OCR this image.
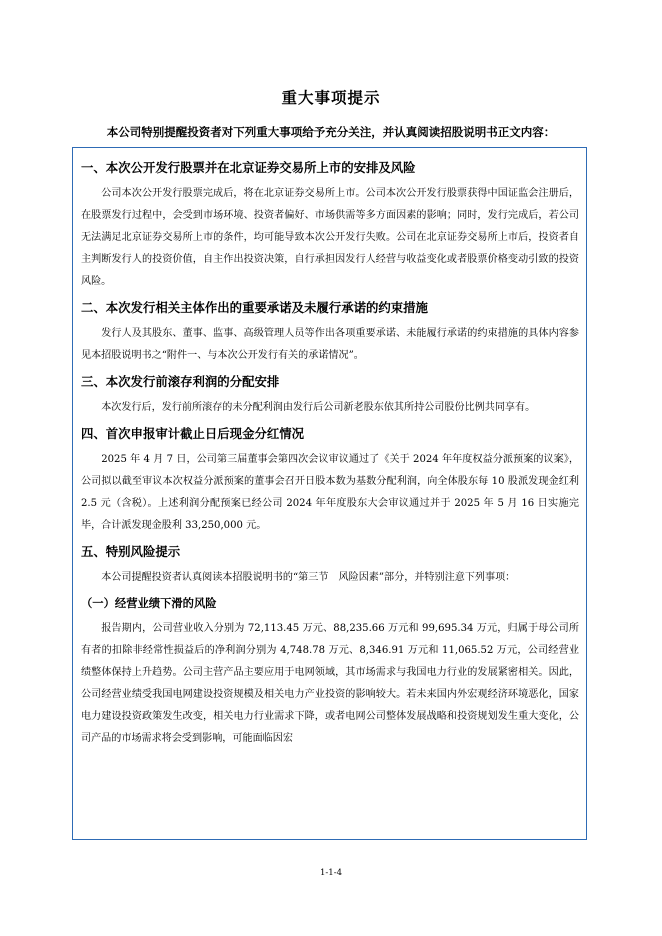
重大事项提示
本公司特别提醒投资者对下列重大事项给予充分关注，并认真阅读招股说明书正文内容：
一、本次公开发行股票并在北京证券交易所上市的安排及风险

公司本次公开发行股票完成后，将在北京证券交易所上市。公司本次公开发行股票获得中国证监会注册后，在股票发行过程中，会受到市场环境、投资者偏好、市场供需等多方面因素的影响；同时，发行完成后，若公司无法满足北京证券交易所上市的条件，均可能导致本次公开发行失败。公司在北京证券交易所上市后，投资者自主判断发行人的投资价值，自主作出投资决策，自行承担因发行人经营与收益变化或者股票价格变动引致的投资风险。

二、本次发行相关主体作出的重要承诺及未履行承诺的约束措施

发行人及其股东、董事、监事、高级管理人员等作出各项重要承诺、未能履行承诺的约束措施的具体内容参见本招股说明书之“附件一、与本次公开发行有关的承诺情况”。

三、本次发行前滚存利润的分配安排

本次发行后，发行前所滚存的未分配利润由发行后公司新老股东依其所持公司股份比例共同享有。

四、首次申报审计截止日后现金分红情况

2025 年 4 月 7 日，公司第三届董事会第四次会议审议通过了《关于 2024 年年度权益分派预案的议案》，公司拟以截至审议本次权益分派预案的董事会召开日股本数为基数分配利润，向全体股东每 10 股派发现金红利 2.5 元（含税）。上述利润分配预案已经公司 2024 年年度股东大会审议通过并于 2025 年 5 月 16 日实施完毕，合计派发现金股利 33,250,000 元。

五、特别风险提示

本公司提醒投资者认真阅读本招股说明书的“第三节　风险因素”部分，并特别注意下列事项：

（一）经营业绩下滑的风险

报告期内，公司营业收入分别为 72,113.45 万元、88,235.66 万元和 99,695.34 万元，归属于母公司所有者的扣除非经常性损益后的净利润分别为 4,748.78 万元、8,346.91 万元和 11,065.52 万元，公司经营业绩整体保持上升趋势。公司主营产品主要应用于电网领域，其市场需求与我国电力行业的发展紧密相关。因此，公司经营业绩受我国电网建设投资规模及相关电力产业投资的影响较大。若未来国内外宏观经济环境恶化，国家电力建设投资政策发生改变，相关电力行业需求下降，或者电网公司整体发展战略和投资规划发生重大变化，公司产品的市场需求将会受到影响，可能面临因宏

1-1-4
